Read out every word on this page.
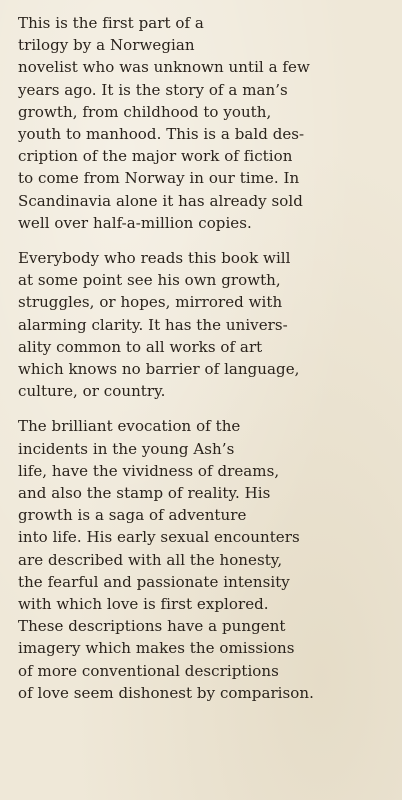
This is the first part of a
trilogy by a Norwegian
novelist who was unknown until a few
years ago. It is the story of a man’s
growth, from childhood to youth,
youth to manhood. This is a bald des-
cription of the major work of fiction
to come from Norway in our time. In
Scandinavia alone it has already sold
well over half-a-million copies.

Everybody who reads this book will
at some point see his own growth,
struggles, or hopes, mirrored with
alarming clarity. It has the univers-
ality common to all works of art
which knows no barrier of language,
culture, or country.

The brilliant evocation of the
incidents in the young Ash’s
life, have the vividness of dreams,
and also the stamp of reality. His
growth is a saga of adventure
into life. His early sexual encounters
are described with all the honesty,
the fearful and passionate intensity
with which love is first explored.
These descriptions have a pungent
imagery which makes the omissions
of more conventional descriptions
of love seem dishonest by comparison.
